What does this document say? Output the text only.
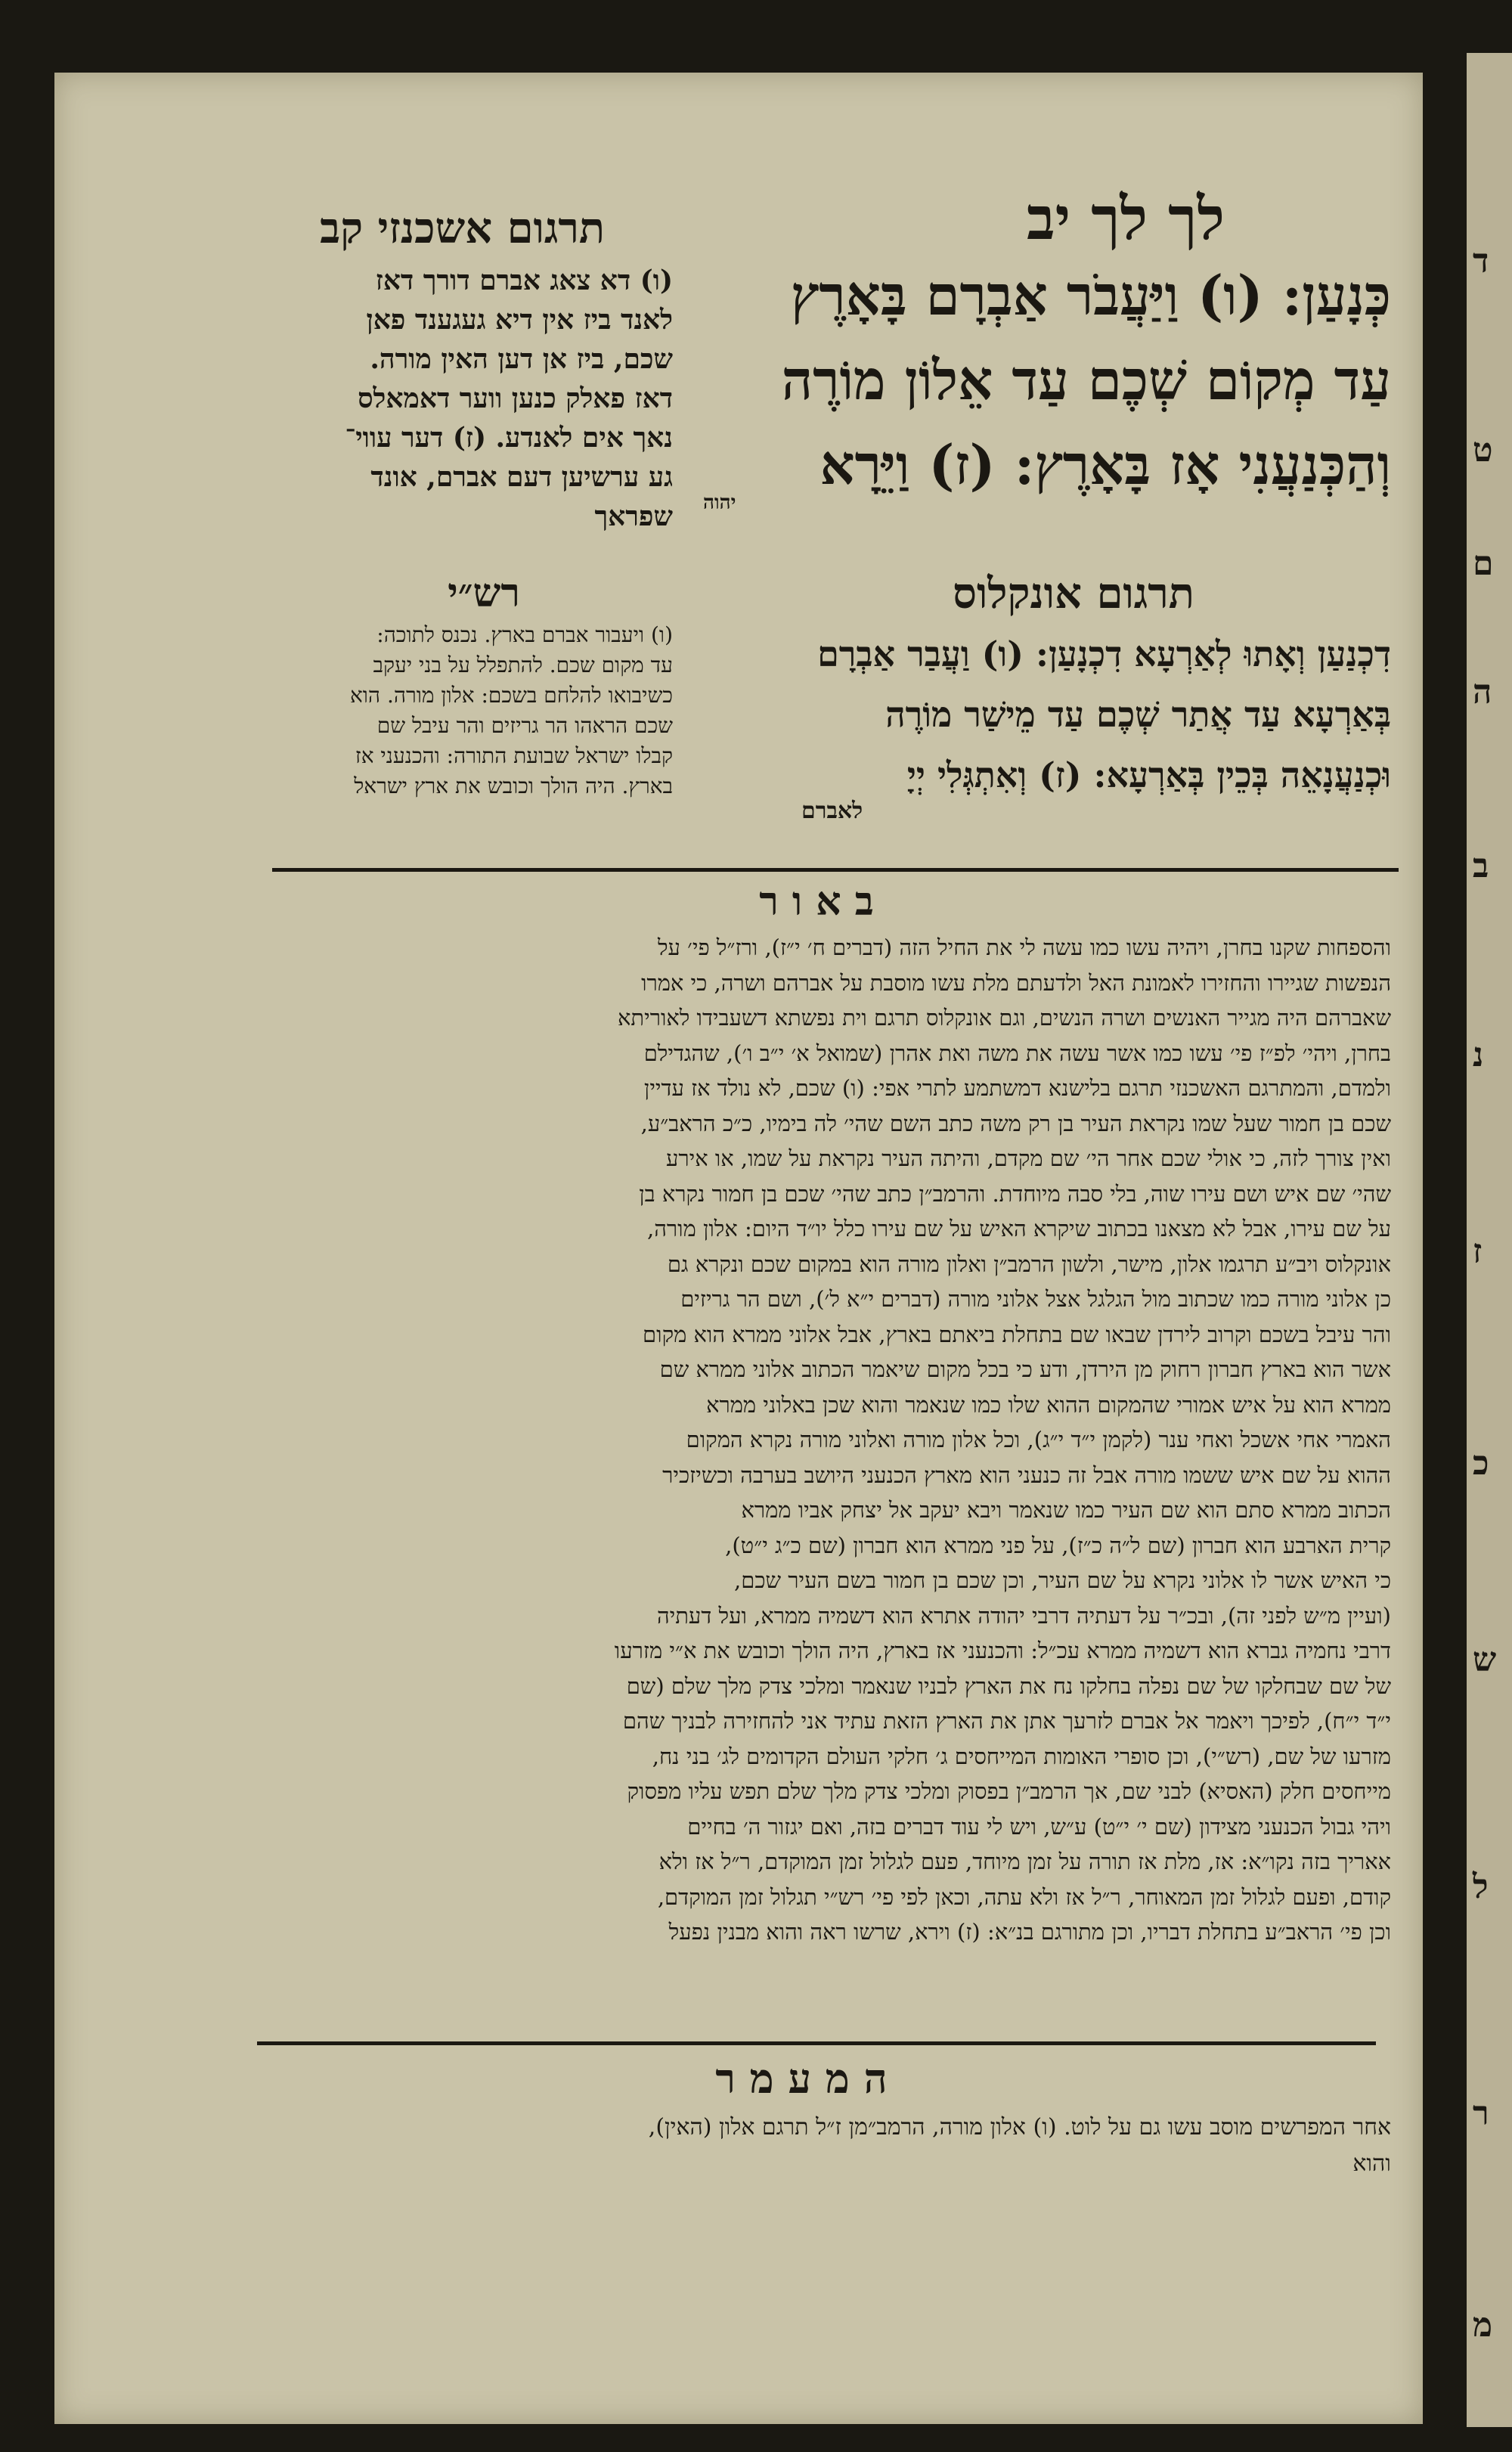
ד
ט
ם
ה
ב
נ
ז
כ
ש
ל
ר
מ
לך לך יב
תרגום אשכנזי קב
כְּנָעַן: (ו) וַיַּעֲבֹר אַבְרָם בָּאָרֶץ
עַד מְקוֹם שְׁכֶם עַד אֵלוֹן מוֹרֶה
וְהַכְּנַעֲנִי אָז בָּאָרֶץ: (ז) וַיֵּרָא
יהוה
(ו) דא צאג אברם דורך דאז
לאנד ביז אין דיא געגענד פאן
שכם, ביז אן דען האין מורה.
דאז פאלק כנען ווער דאמאלס
נאך אים לאנדע. (ז) דער עווי־
גע ערשיען דעם אברם, אונד
שפראך
תרגום אונקלוס
דִכְנַעַן וְאָתוּ לְאַרְעָא דִכְנָעַן: (ו) וַעֲבַר אַבְרָם
בְּאַרְעָא עַד אֲתַר שְׁכֶם עַד מֵישַׁר מוֹרֶה
וּכְנַעֲנָאֵה בְּכֵין בְּאַרְעָא: (ז) וְאִתְגְּלִי יְיָ
לאברם
רש״י
(ו) ויעבור אברם בארץ. נכנס לתוכה:
עד מקום שכם. להתפלל על בני יעקב
כשיבואו להלחם בשכם: אלון מורה. הוא
שכם הראהו הר גריזים והר עיבל שם
קבלו ישראל שבועת התורה: והכנעני אז
בארץ. היה הולך וכובש את ארץ ישראל
ב א ו ר
והספחות שקנו בחרן, ויהיה עשו כמו עשה לי את החיל הזה (דברים ח׳ י״ז), ורז״ל פי׳ על
הנפשות שגיירו והחזירו לאמונת האל ולדעתם מלת עשו מוסבת על אברהם ושרה, כי אמרו
שאברהם היה מגייר האנשים ושרה הנשים, וגם אונקלוס תרגם וית נפשתא דשעבידו לאוריתא
בחרן, ויהי׳ לפ״ז פי׳ עשו כמו אשר עשה את משה ואת אהרן (שמואל א׳ י״ב ו׳), שהגדילם
ולמדם, והמתרגם האשכנזי תרגם בלישנא דמשתמע לתרי אפי: (ו) שכם, לא נולד אז עדיין
שכם בן חמור שעל שמו נקראת העיר בן רק משה כתב השם שהי׳ לה בימיו, כ״כ הראב״ע,
ואין צורך לזה, כי אולי שכם אחר הי׳ שם מקדם, והיתה העיר נקראת על שמו, או אירע
שהי׳ שם איש ושם עירו שוה, בלי סבה מיוחדת. והרמב״ן כתב שהי׳ שכם בן חמור נקרא בן
על שם עירו, אבל לא מצאנו בכתוב שיקרא האיש על שם עירו כלל יו״ד היום: אלון מורה,
אונקלוס ויב״ע תרגמו אלון, מישר, ולשון הרמב״ן ואלון מורה הוא במקום שכם ונקרא גם
כן אלוני מורה כמו שכתוב מול הגלגל אצל אלוני מורה (דברים י״א ל׳), ושם הר גריזים
והר עיבל בשכם וקרוב לירדן שבאו שם בתחלת ביאתם בארץ, אבל אלוני ממרא הוא מקום
אשר הוא בארץ חברון רחוק מן הירדן, ודע כי בכל מקום שיאמר הכתוב אלוני ממרא שם
ממרא הוא על איש אמורי שהמקום ההוא שלו כמו שנאמר והוא שכן באלוני ממרא
האמרי אחי אשכל ואחי ענר (לקמן י״ד י״ג), וכל אלון מורה ואלוני מורה נקרא המקום
ההוא על שם איש ששמו מורה אבל זה כנעני הוא מארץ הכנעני היושב בערבה וכשיזכיר
הכתוב ממרא סתם הוא שם העיר כמו שנאמר ויבא יעקב אל יצחק אביו ממרא
קרית הארבע הוא חברון (שם ל״ה כ״ז), על פני ממרא הוא חברון (שם כ״ג י״ט),
כי האיש אשר לו אלוני נקרא על שם העיר, וכן שכם בן חמור בשם העיר שכם,
(ועיין מ״ש לפני זה), ובכ״ר על דעתיה דרבי יהודה אתרא הוא דשמיה ממרא, ועל דעתיה
דרבי נחמיה גברא הוא דשמיה ממרא עכ״ל: והכנעני אז בארץ, היה הולך וכובש את א״י מזרעו
של שם שבחלקו של שם נפלה בחלקו נח את הארץ לבניו שנאמר ומלכי צדק מלך שלם (שם
י״ד י״ח), לפיכך ויאמר אל אברם לזרעך אתן את הארץ הזאת עתיד אני להחזירה לבניך שהם
מזרעו של שם, (רש״י), וכן סופרי האומות המייחסים ג׳ חלקי העולם הקדומים לג׳ בני נח,
מייחסים חלק (האסיא) לבני שם, אך הרמב״ן בפסוק ומלכי צדק מלך שלם תפש עליו מפסוק
ויהי גבול הכנעני מצידון (שם י׳ י״ט) ע״ש, ויש לי עוד דברים בזה, ואם יגזור ה׳ בחיים
אאריך בזה נקו״א: אז, מלת אז תורה על זמן מיוחד, פעם לגלול זמן המוקדם, ר״ל אז ולא
קודם, ופעם לגלול זמן המאוחר, ר״ל אז ולא עתה, וכאן לפי פי׳ רש״י תגלול זמן המוקדם,
וכן פי׳ הראב״ע בתחלת דבריו, וכן מתורגם בנ״א: (ז) וירא, שרשו ראה והוא מבנין נפעל
ה מ ע מ ר
אחר המפרשים מוסב עשו גם על לוט. (ו) אלון מורה, הרמב״מן ז״ל תרגם אלון (האין),
והוא
